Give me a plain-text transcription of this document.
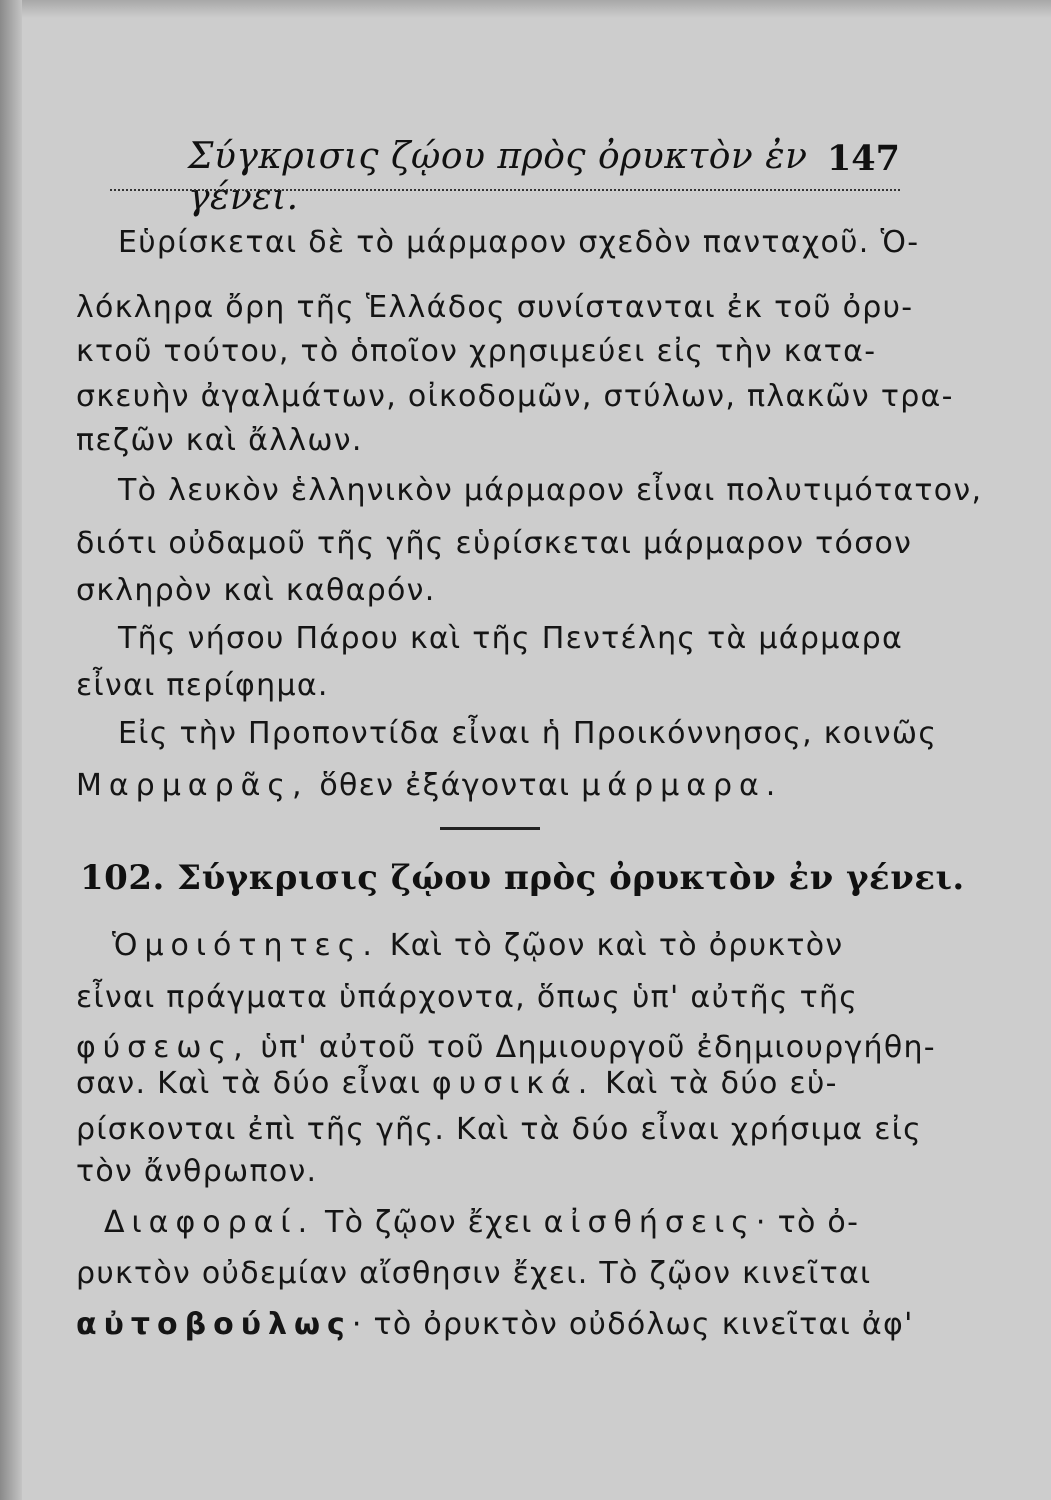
Σύγκρισις ζῴου πρὸς ὀρυκτὸν ἐν γένει.
147
Εὑρίσκεται δὲ τὸ μάρμαρον σχεδὸν πανταχοῦ. Ὁ-
λόκληρα ὄρη τῆς Ἑλλάδος συνίστανται ἐκ τοῦ ὀρυ-
κτοῦ τούτου, τὸ ὁποῖον χρησιμεύει εἰς τὴν κατα-
σκευὴν ἀγαλμάτων, οἰκοδομῶν, στύλων, πλακῶν τρα-
πεζῶν καὶ ἄλλων.
Τὸ λευκὸν ἑλληνικὸν μάρμαρον εἶναι πολυτιμότατον,
διότι οὐδαμοῦ τῆς γῆς εὑρίσκεται μάρμαρον τόσον
σκληρὸν καὶ καθαρόν.
Τῆς νήσου Πάρου καὶ τῆς Πεντέλης τὰ μάρμαρα
εἶναι περίφημα.
Εἰς τὴν Προποντίδα εἶναι ἡ Προικόννησος, κοινῶς
Μαρμαρᾶς, ὅθεν ἐξάγονται μάρμαρα.
102. Σύγκρισις ζῴου πρὸς ὀρυκτὸν ἐν γένει.
Ὁμοιότητες. Καὶ τὸ ζῷον καὶ τὸ ὀρυκτὸν
εἶναι πράγματα ὑπάρχοντα, ὅπως ὑπ' αὐτῆς τῆς
φύσεως, ὑπ' αὐτοῦ τοῦ Δημιουργοῦ ἐδημιουργήθη-
σαν. Καὶ τὰ δύο εἶναι φυσικά. Καὶ τὰ δύο εὑ-
ρίσκονται ἐπὶ τῆς γῆς. Καὶ τὰ δύο εἶναι χρήσιμα εἰς
τὸν ἄνθρωπον.
Διαφοραί. Τὸ ζῷον ἔχει αἰσθήσεις· τὸ ὀ-
ρυκτὸν οὐδεμίαν αἴσθησιν ἔχει. Τὸ ζῷον κινεῖται
αὐτοβούλως· τὸ ὀρυκτὸν οὐδόλως κινεῖται ἀφ'
